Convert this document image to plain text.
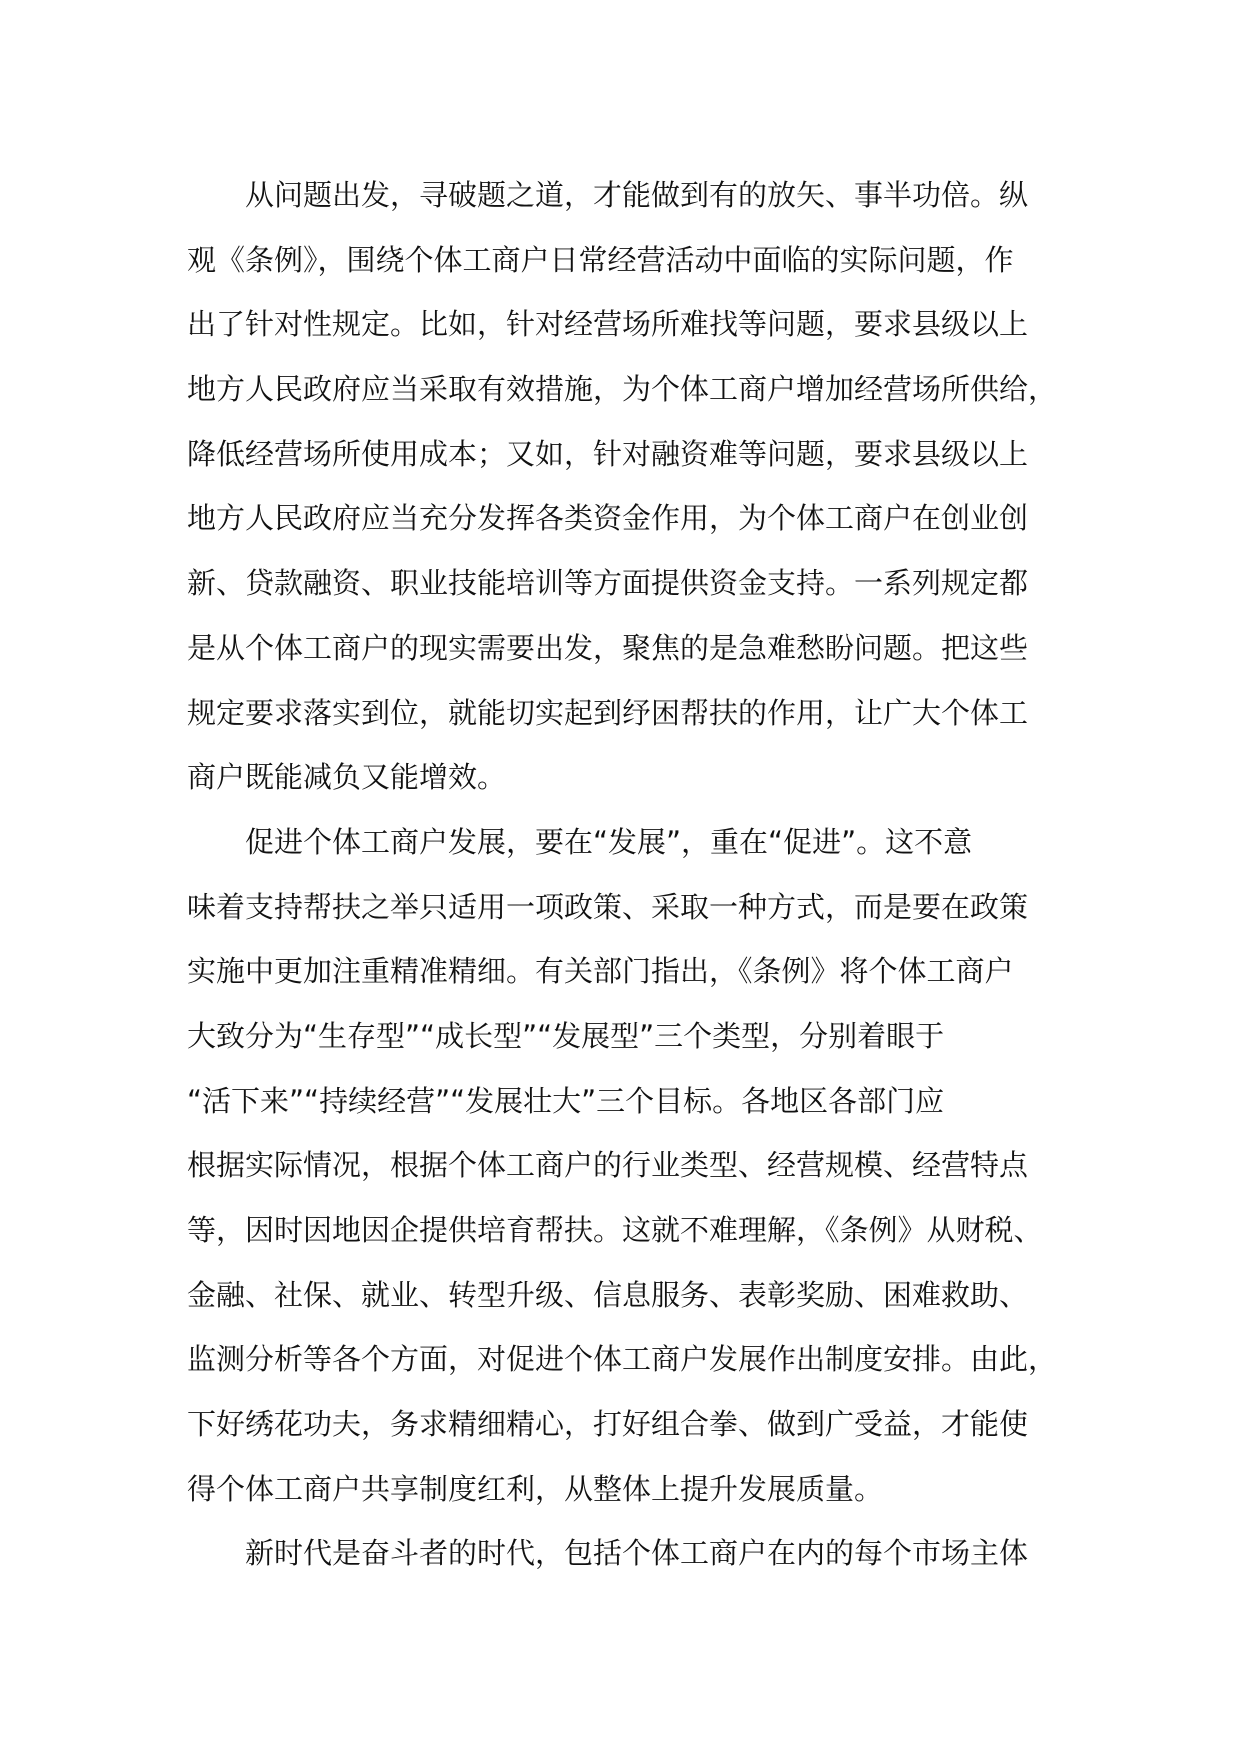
从问题出发，寻破题之道，才能做到有的放矢、事半功倍。纵
观《条例》，围绕个体工商户日常经营活动中面临的实际问题，作
出了针对性规定。比如，针对经营场所难找等问题，要求县级以上
地方人民政府应当采取有效措施，为个体工商户增加经营场所供给，
降低经营场所使用成本；又如，针对融资难等问题，要求县级以上
地方人民政府应当充分发挥各类资金作用，为个体工商户在创业创
新、贷款融资、职业技能培训等方面提供资金支持。一系列规定都
是从个体工商户的现实需要出发，聚焦的是急难愁盼问题。把这些
规定要求落实到位，就能切实起到纾困帮扶的作用，让广大个体工
商户既能减负又能增效。
促进个体工商户发展，要在“发展”，重在“促进”。这不意
味着支持帮扶之举只适用一项政策、采取一种方式，而是要在政策
实施中更加注重精准精细。有关部门指出，《条例》将个体工商户
大致分为“生存型”“成长型”“发展型”三个类型，分别着眼于
“活下来”“持续经营”“发展壮大”三个目标。各地区各部门应
根据实际情况，根据个体工商户的行业类型、经营规模、经营特点
等，因时因地因企提供培育帮扶。这就不难理解，《条例》从财税、
金融、社保、就业、转型升级、信息服务、表彰奖励、困难救助、
监测分析等各个方面，对促进个体工商户发展作出制度安排。由此，
下好绣花功夫，务求精细精心，打好组合拳、做到广受益，才能使
得个体工商户共享制度红利，从整体上提升发展质量。
新时代是奋斗者的时代，包括个体工商户在内的每个市场主体
